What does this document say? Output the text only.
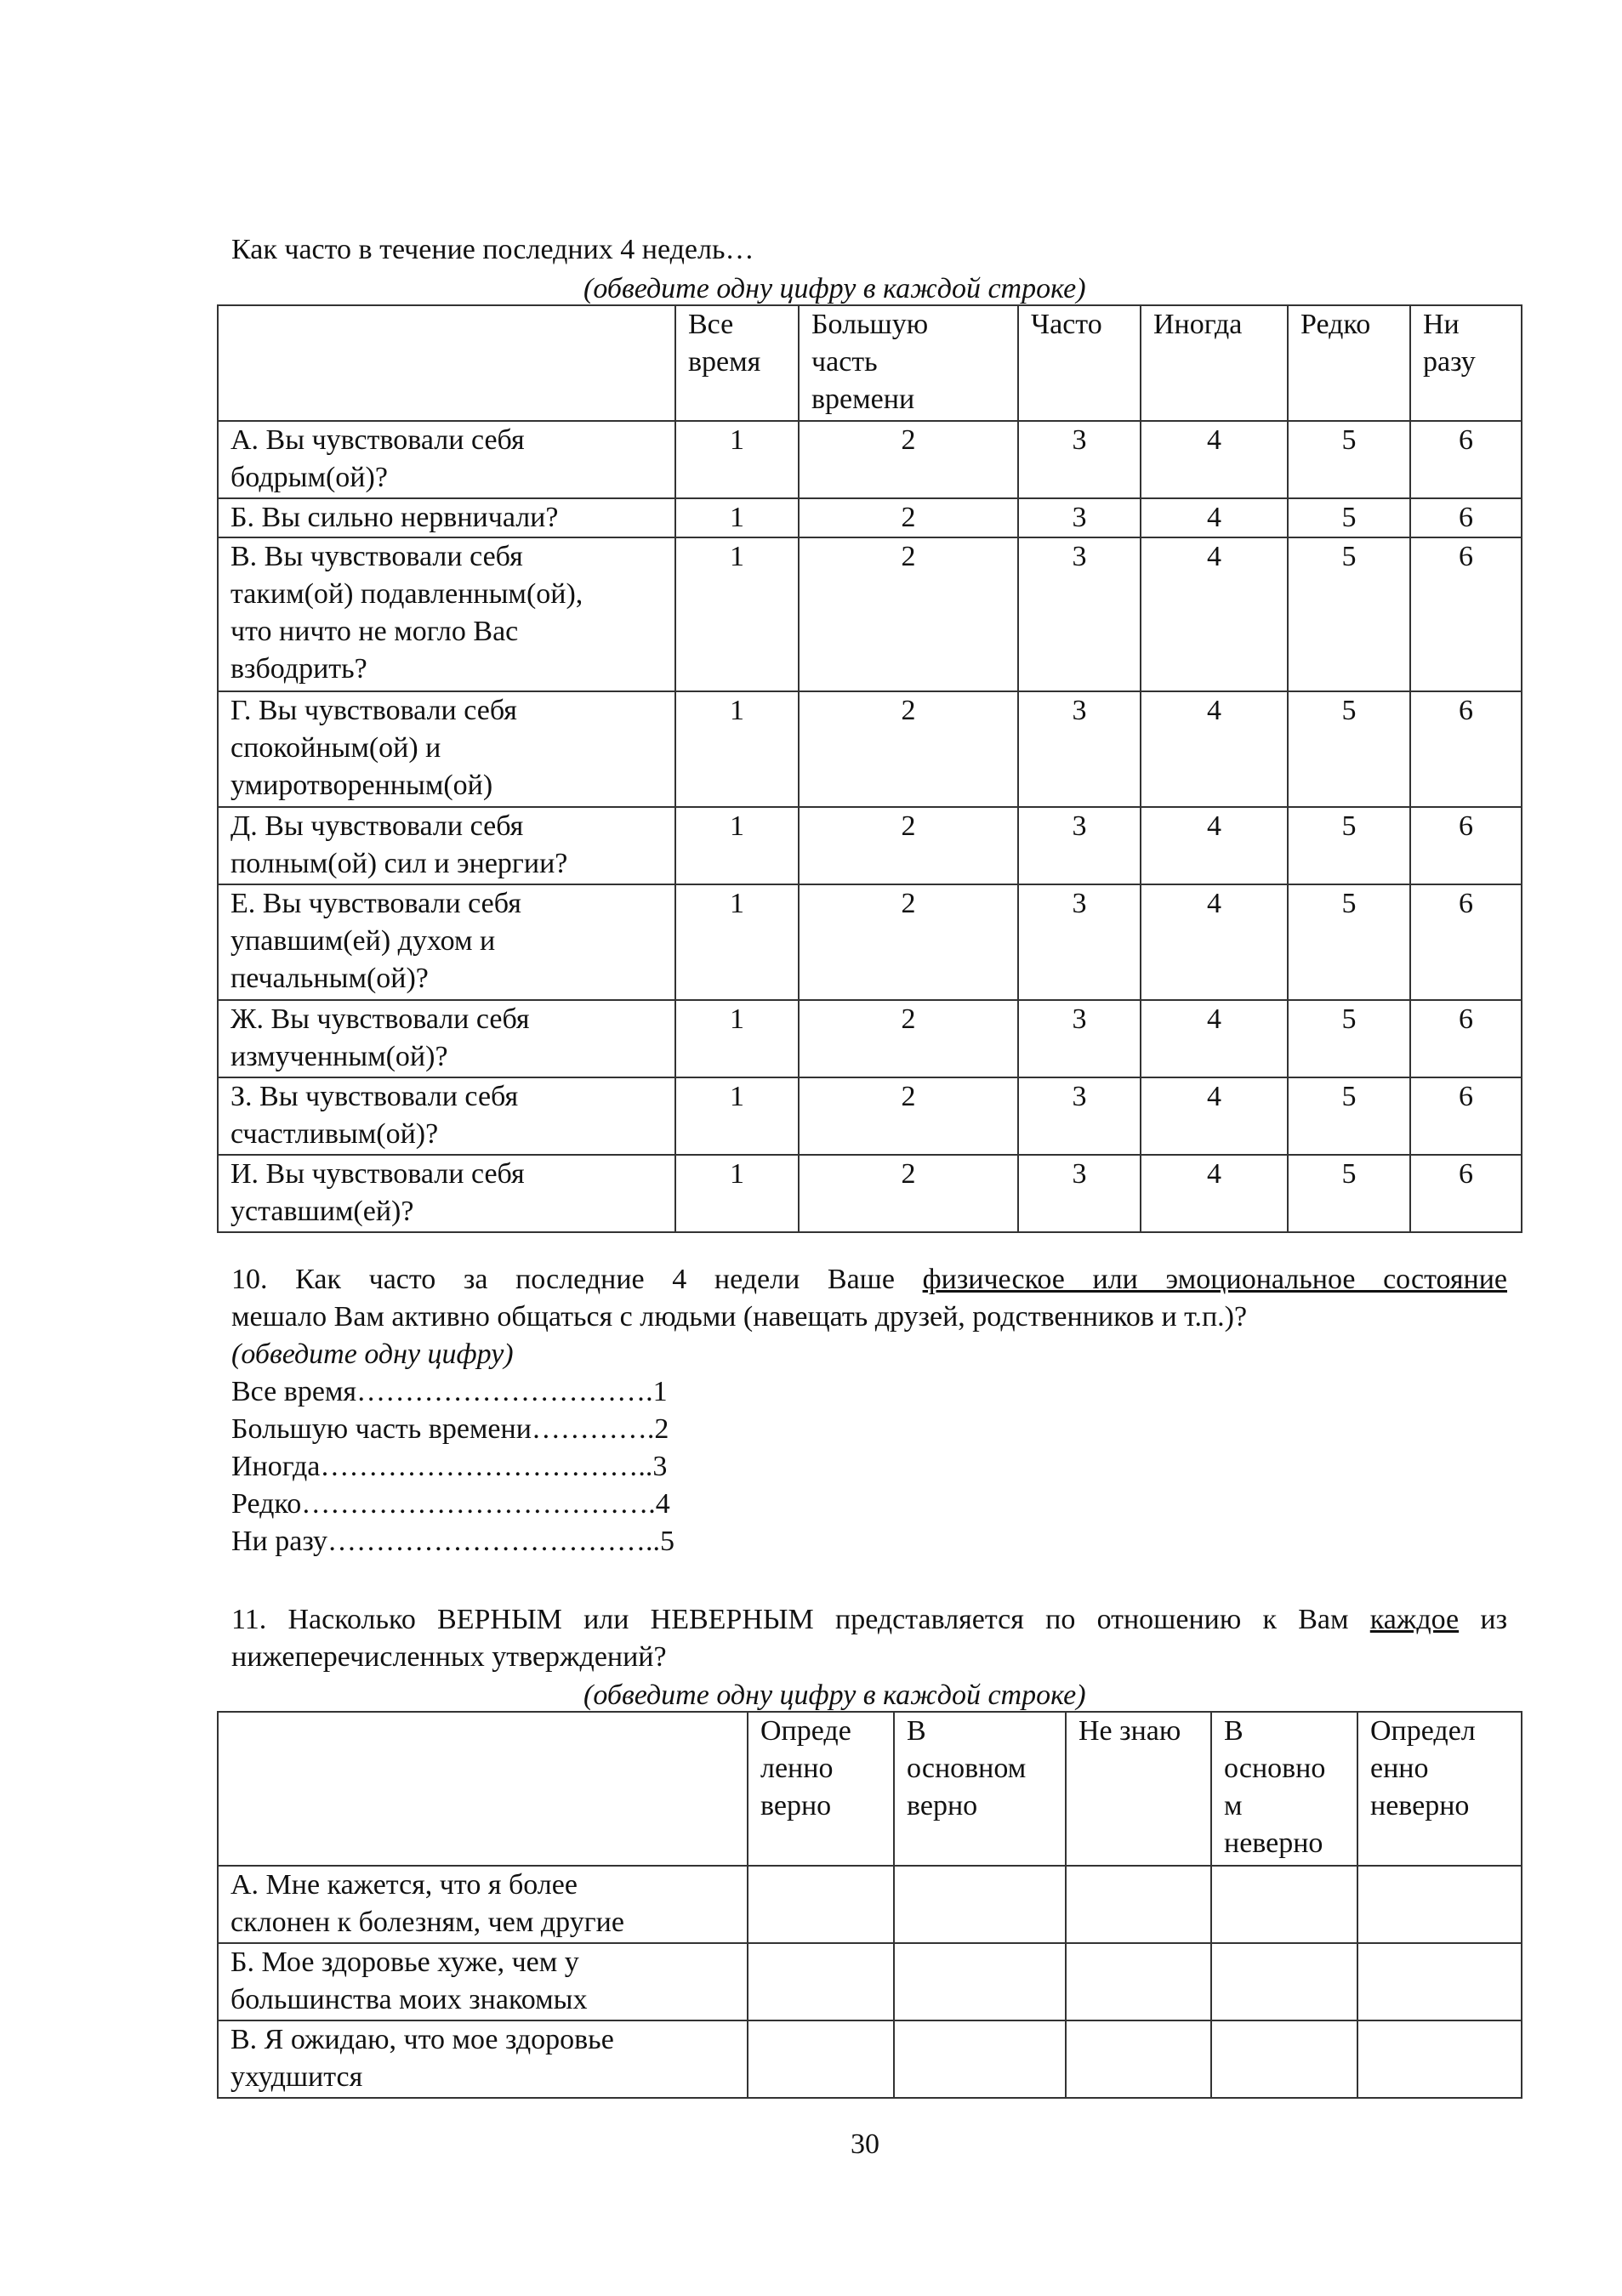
Как часто в течение последних 4 недель…
(обведите одну цифру в каждой строке)
	Все
время	Большую
часть
времени	Часто	Иногда	Редко	Ни
разу
А. Вы чувствовали себя
бодрым(ой)?	1	2	3	4	5	6
Б. Вы сильно нервничали?	1	2	3	4	5	6
В. Вы чувствовали себя
таким(ой) подавленным(ой),
что ничто не могло Вас
взбодрить?	1	2	3	4	5	6
Г. Вы чувствовали себя
спокойным(ой) и
умиротворенным(ой)	1	2	3	4	5	6
Д. Вы чувствовали себя
полным(ой) сил и энергии?	1	2	3	4	5	6
Е. Вы чувствовали себя
упавшим(ей) духом и
печальным(ой)?	1	2	3	4	5	6
Ж. Вы чувствовали себя
измученным(ой)?	1	2	3	4	5	6
З. Вы чувствовали себя
счастливым(ой)?	1	2	3	4	5	6
И. Вы чувствовали себя
уставшим(ей)?	1	2	3	4	5	6
10. Как часто за последние 4 недели Ваше физическое или эмоциональное состояние
мешало Вам активно общаться с людьми (навещать друзей, родственников и т.п.)?
(обведите одну цифру)
Все время………………………….1
Большую часть времени………….2
Иногда……………………………..3
Редко……………………………….4
Ни разу……………………………..5
11. Насколько ВЕРНЫМ или НЕВЕРНЫМ представляется по отношению к Вам каждое из
нижеперечисленных утверждений?
(обведите одну цифру в каждой строке)
	Опреде
ленно
верно	В
основном
верно	Не знаю	В
основно
м
неверно	Определ
енно
неверно
А. Мне кажется, что я более
склонен к болезням, чем другие					
Б. Мое здоровье хуже, чем у
большинства моих знакомых					
В. Я ожидаю, что мое здоровье
ухудшится					
30
